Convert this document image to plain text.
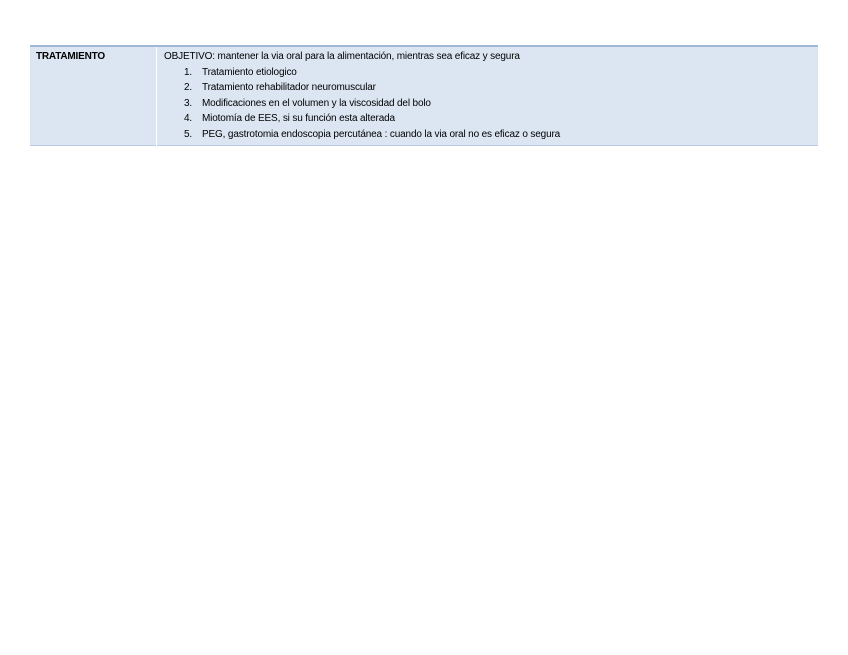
TRATAMIENTO	OBJETIVO: mantener la via oral para la alimentación, mientras sea eficaz y segura
1.	Tratamiento etiologico
2.	Tratamiento rehabilitador neuromuscular
3.	Modificaciones en el volumen y la viscosidad del bolo
4.	Miotomía de EES, si su función esta alterada
5.	PEG, gastrotomia endoscopia percutánea : cuando la via oral no es eficaz o segura
